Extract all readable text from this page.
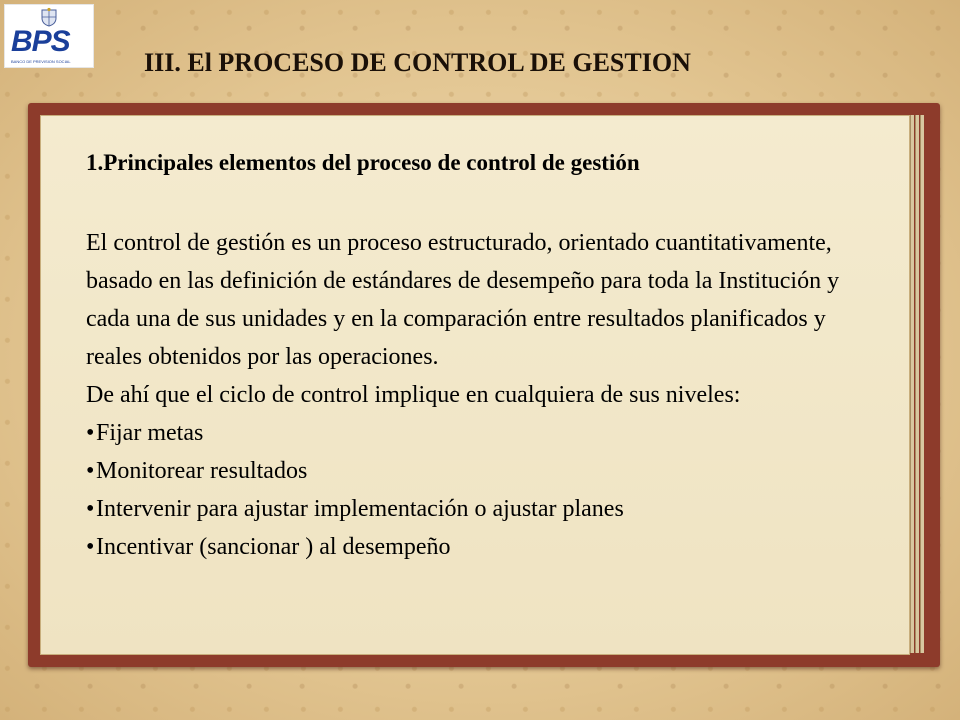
BPS
BANCO DE PREVISION SOCIAL	III. El PROCESO DE CONTROL DE GESTION
1.Principales elementos del proceso de control de gestión

El control de gestión es un proceso estructurado, orientado cuantitativamente, basado en las definición de estándares de desempeño para toda la Institución y cada una de sus unidades y en la comparación entre resultados planificados y reales obtenidos por las operaciones.

De ahí que el ciclo de control implique en cualquiera de sus niveles:

•Fijar metas
•Monitorear resultados
•Intervenir para ajustar implementación o ajustar planes
•Incentivar (sancionar ) al desempeño
